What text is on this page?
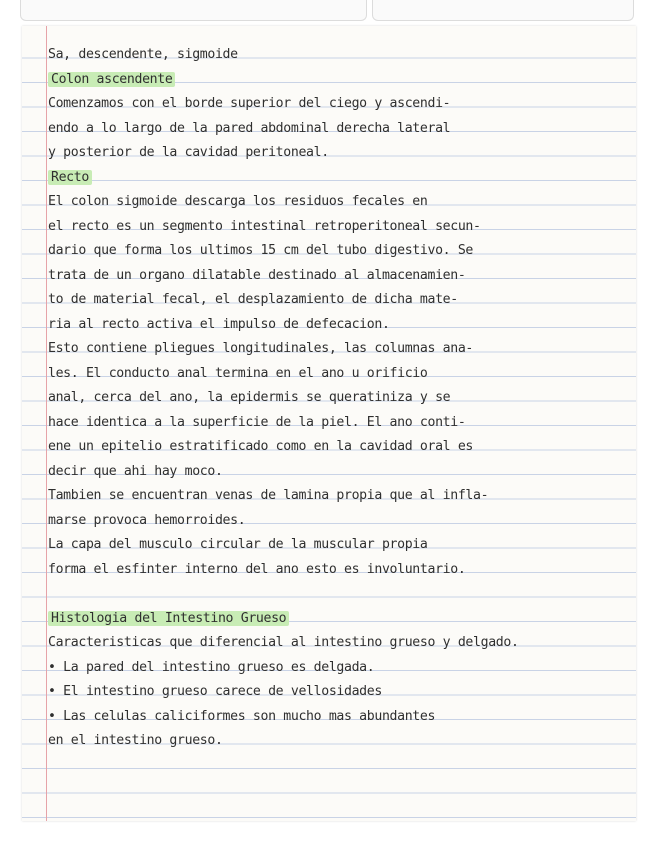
Sa, descendente, sigmoide
Colon ascendente
Comenzamos con el borde superior del ciego y ascendi-
endo a lo largo de la pared abdominal derecha lateral
y posterior de la cavidad peritoneal.
Recto
El colon sigmoide descarga los residuos fecales en
el recto es un segmento intestinal retroperitoneal secun-
dario que forma los ultimos 15 cm del tubo digestivo. Se
trata de un organo dilatable destinado al almacenamien-
to de material fecal, el desplazamiento de dicha mate-
ria al recto activa el impulso de defecacion.
Esto contiene pliegues longitudinales, las columnas ana-
les. El conducto anal termina en el ano u orificio
anal, cerca del ano, la epidermis se queratiniza y se
hace identica a la superficie de la piel. El ano conti-
ene un epitelio estratificado como en la cavidad oral es
decir que ahi hay moco.
Tambien se encuentran venas de lamina propia que al infla-
marse provoca hemorroides.
La capa del musculo circular de la muscular propia
forma el esfinter interno del ano esto es involuntario.
Histologia del Intestino Grueso
Caracteristicas que diferencial al intestino grueso y delgado.
• La pared del intestino grueso es delgada.
• El intestino grueso carece de vellosidades
• Las celulas caliciformes son mucho mas abundantes
en el intestino grueso.
